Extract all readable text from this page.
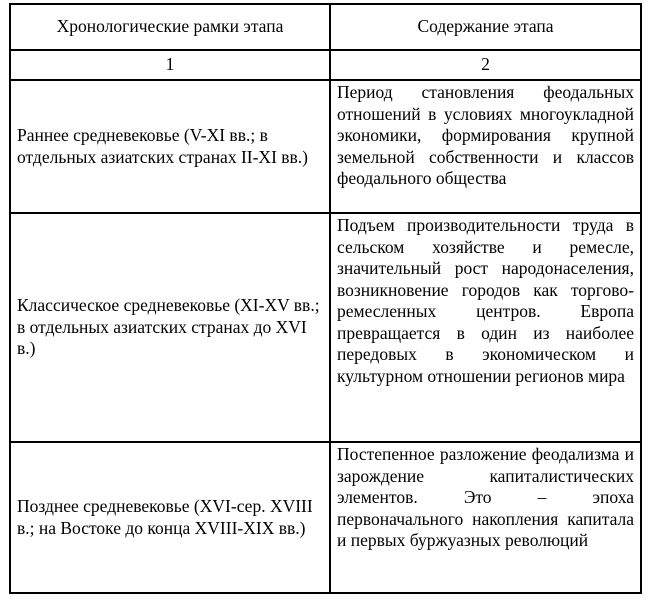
Хронологические рамки этапа	Содержание этапа
1	2
Раннее средневековье (V-XI вв.; в отдельных азиатских странах II-XI вв.)	Период становления феодальных отношений в условиях многоукладной экономики, формирования крупной земельной собственности и классов феодального общества
Классическое средневековье (XI-XV вв.; в отдельных азиатских странах до XVI в.)	Подъем производительности труда в сельском хозяйстве и ремесле, значительный рост народонаселения, возникновение городов как торгово-ремесленных центров. Европа превращается в один из наиболее передовых в экономическом и культурном отношении регионов мира
Позднее средневековье (XVI-сер. XVIII в.; на Востоке до конца XVIII-XIX вв.)	Постепенное разложение феодализма и зарождение капиталистических элементов. Это – эпоха первоначального накопления капитала и первых буржуазных революций
